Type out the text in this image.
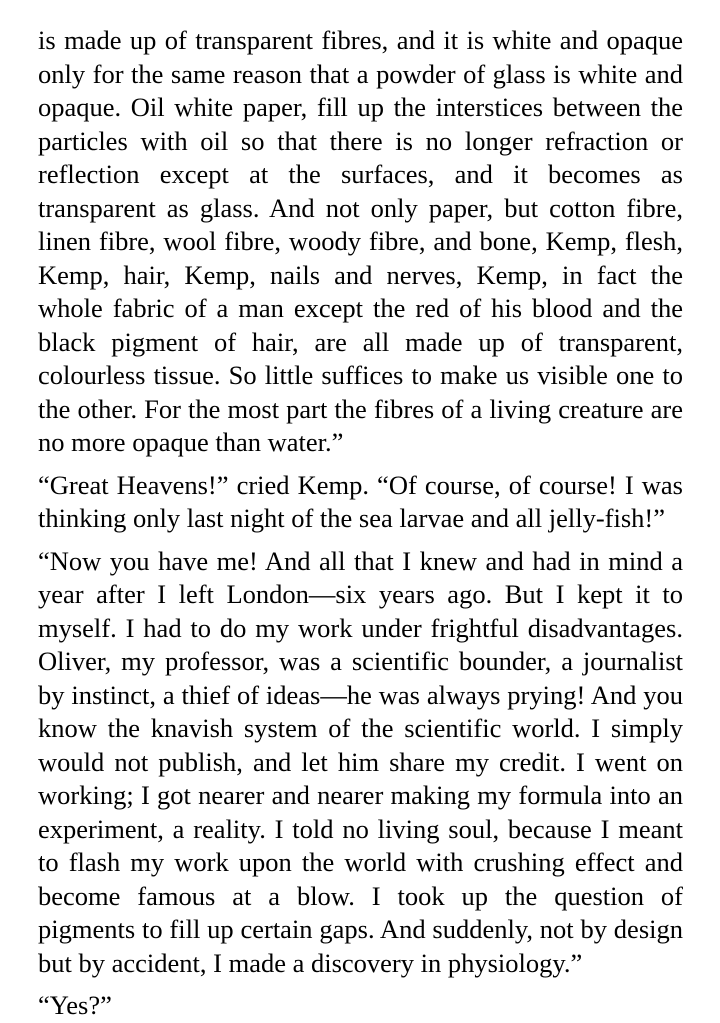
is made up of transparent fibres, and it is white and opaque only for the same reason that a powder of glass is white and opaque. Oil white paper, fill up the interstices between the particles with oil so that there is no longer refraction or reflection except at the surfaces, and it becomes as transparent as glass. And not only paper, but cotton fibre, linen fibre, wool fibre, woody fibre, and bone, Kemp, flesh, Kemp, hair, Kemp, nails and nerves, Kemp, in fact the whole fabric of a man except the red of his blood and the black pigment of hair, are all made up of transparent, colourless tissue. So little suffices to make us visible one to the other. For the most part the fibres of a living creature are no more opaque than water.”

“Great Heavens!” cried Kemp. “Of course, of course! I was thinking only last night of the sea larvae and all jelly-fish!”

“Now you have me! And all that I knew and had in mind a year after I left London—six years ago. But I kept it to myself. I had to do my work under frightful disadvantages. Oliver, my professor, was a scientific bounder, a journalist by instinct, a thief of ideas—he was always prying! And you know the knavish system of the scientific world. I simply would not publish, and let him share my credit. I went on working; I got nearer and nearer making my formula into an experiment, a reality. I told no living soul, because I meant to flash my work upon the world with crushing effect and become famous at a blow. I took up the question of pigments to fill up certain gaps. And suddenly, not by design but by accident, I made a discovery in physiology.”

“Yes?”
